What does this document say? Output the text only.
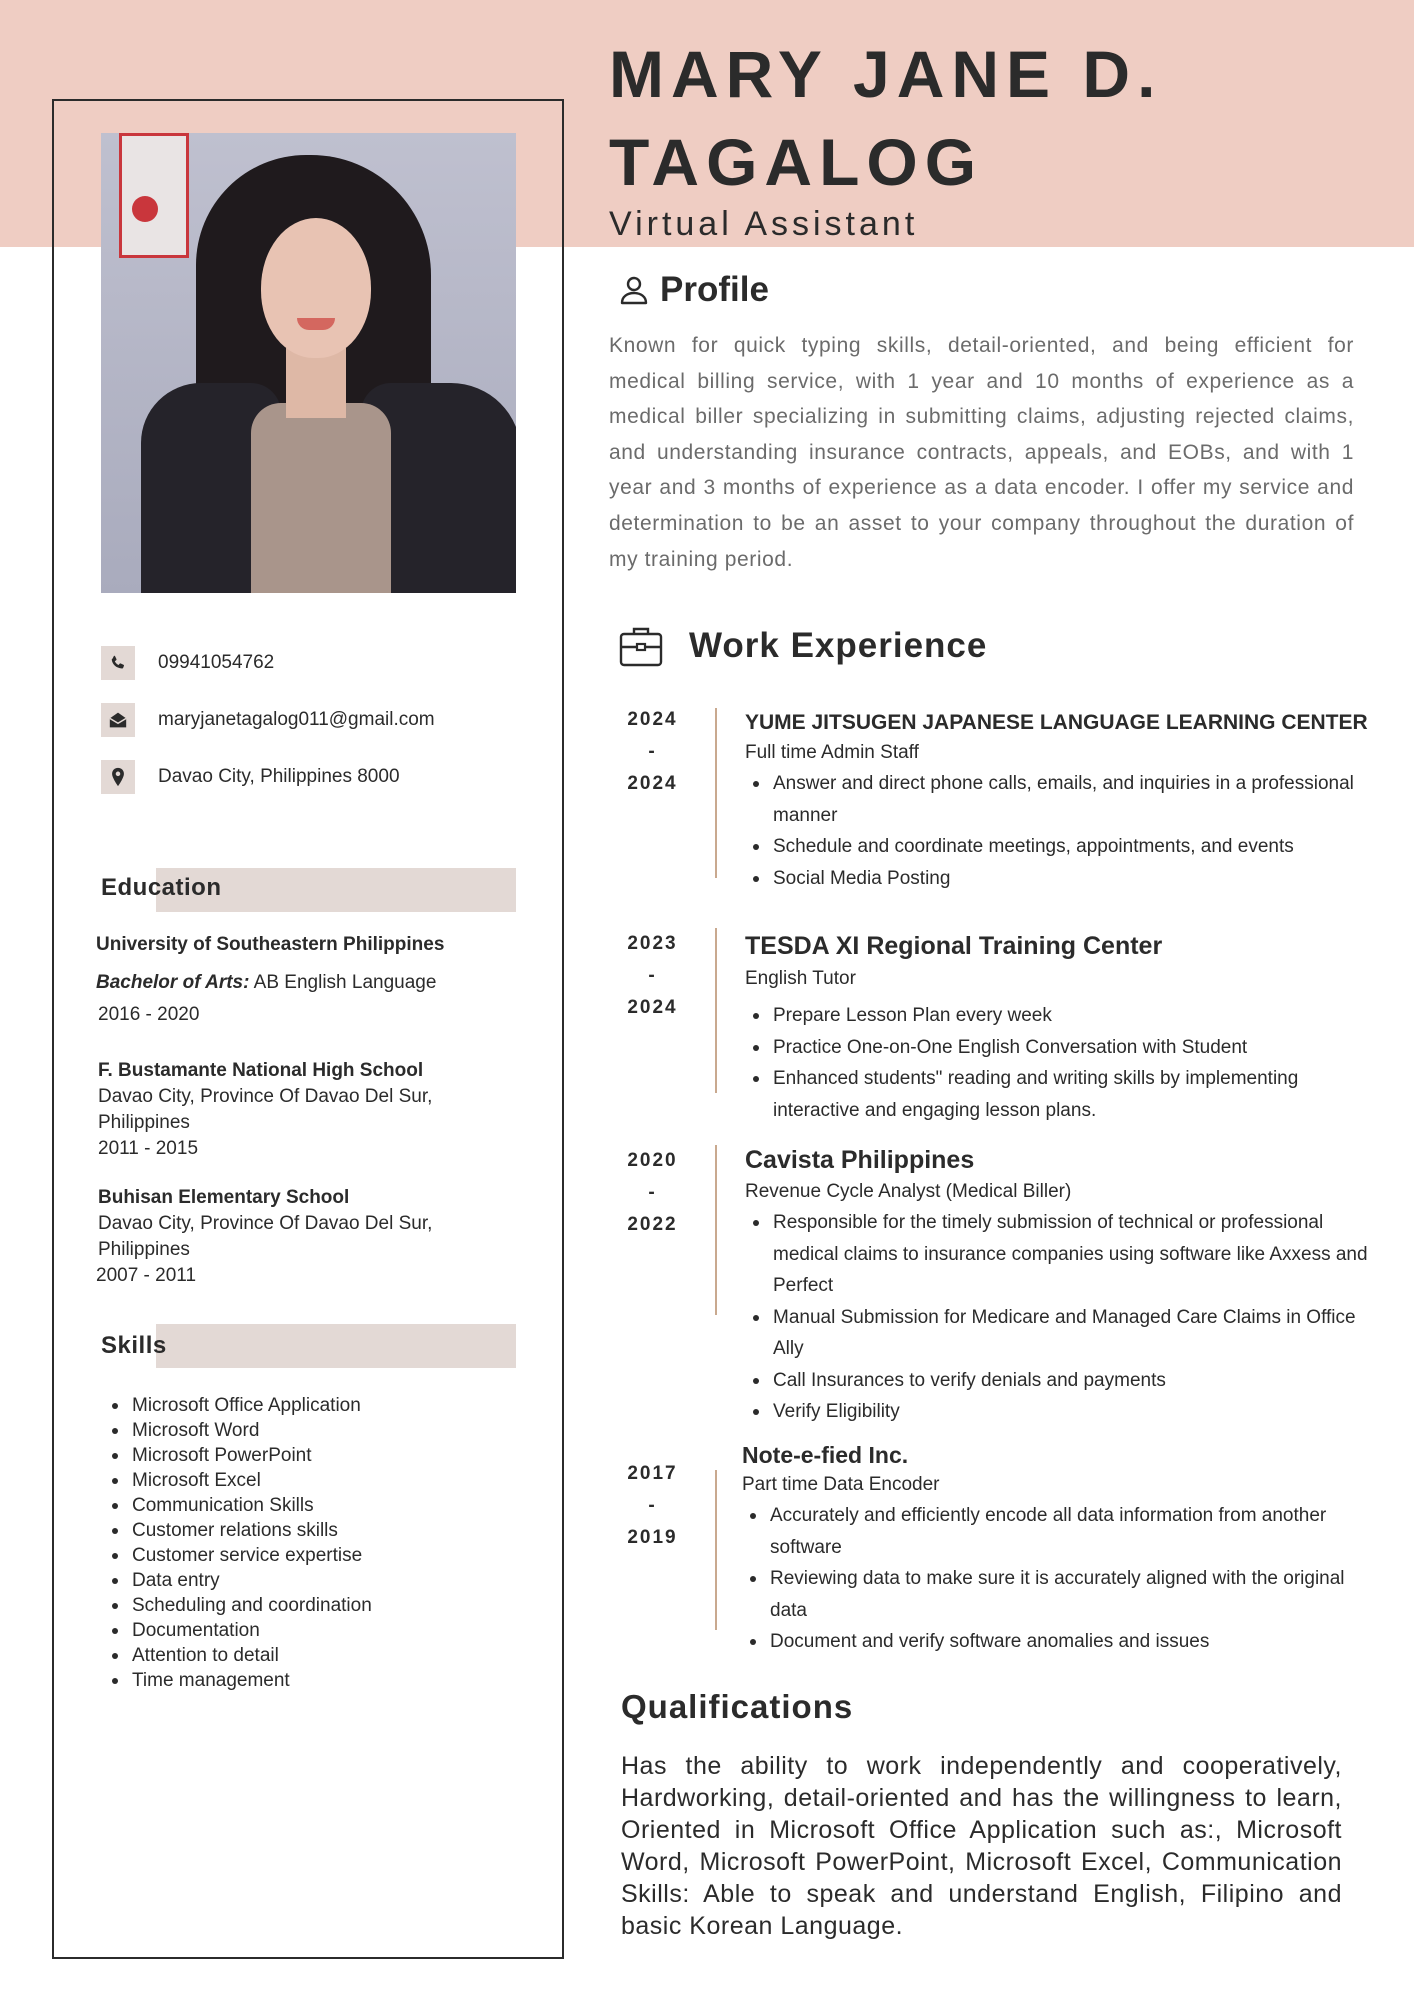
09941054762
maryjanetagalog011@gmail.com
Davao City, Philippines 8000
Education
University of Southeastern Philippines
Bachelor of Arts: AB English Language
2016 - 2020
F. Bustamante National High School
Davao City, Province Of Davao Del Sur, Philippines
2011 - 2015
Buhisan Elementary School
Davao City, Province Of Davao Del Sur, Philippines
2007 - 2011
Skills
Microsoft Office Application
Microsoft Word
Microsoft PowerPoint
Microsoft Excel
Communication Skills
Customer relations skills
Customer service expertise
Data entry
Scheduling and coordination
Documentation
Attention to detail
Time management
MARY JANE D.
TAGALOG
Virtual Assistant
Profile
Known for quick typing skills, detail-oriented, and being efficient for medical billing service, with 1 year and 10 months of experience as a medical biller specializing in submitting claims, adjusting rejected claims, and understanding insurance contracts, appeals, and EOBs, and with 1 year and 3 months of experience as a data encoder. I offer my service and determination to be an asset to your company throughout the duration of my training period.
Work Experience
2024
-
2024
YUME JITSUGEN JAPANESE LANGUAGE LEARNING CENTER
Full time Admin Staff
Answer and direct phone calls, emails, and inquiries in a professional manner
Schedule and coordinate meetings, appointments, and events
Social Media Posting
2023
-
2024
TESDA XI Regional Training Center
English Tutor
Prepare Lesson Plan every week
Practice One-on-One English Conversation with Student
Enhanced students" reading and writing skills by implementing interactive and engaging lesson plans.
2020
-
2022
Cavista Philippines
Revenue Cycle Analyst (Medical Biller)
Responsible for the timely submission of technical or professional medical claims to insurance companies using software like Axxess and Perfect
Manual Submission for Medicare and Managed Care Claims in Office Ally
Call Insurances to verify denials and payments
Verify Eligibility
2017
-
2019
Note-e-fied Inc.
Part time Data Encoder
Accurately and efficiently encode all data information from another software
Reviewing data to make sure it is accurately aligned with the original data
Document and verify software anomalies and issues
Qualifications
Has the ability to work independently and cooperatively, Hardworking, detail-oriented and has the willingness to learn, Oriented in Microsoft Office Application such as:, Microsoft Word, Microsoft PowerPoint, Microsoft Excel, Communication Skills: Able to speak and understand English, Filipino and basic Korean Language.
